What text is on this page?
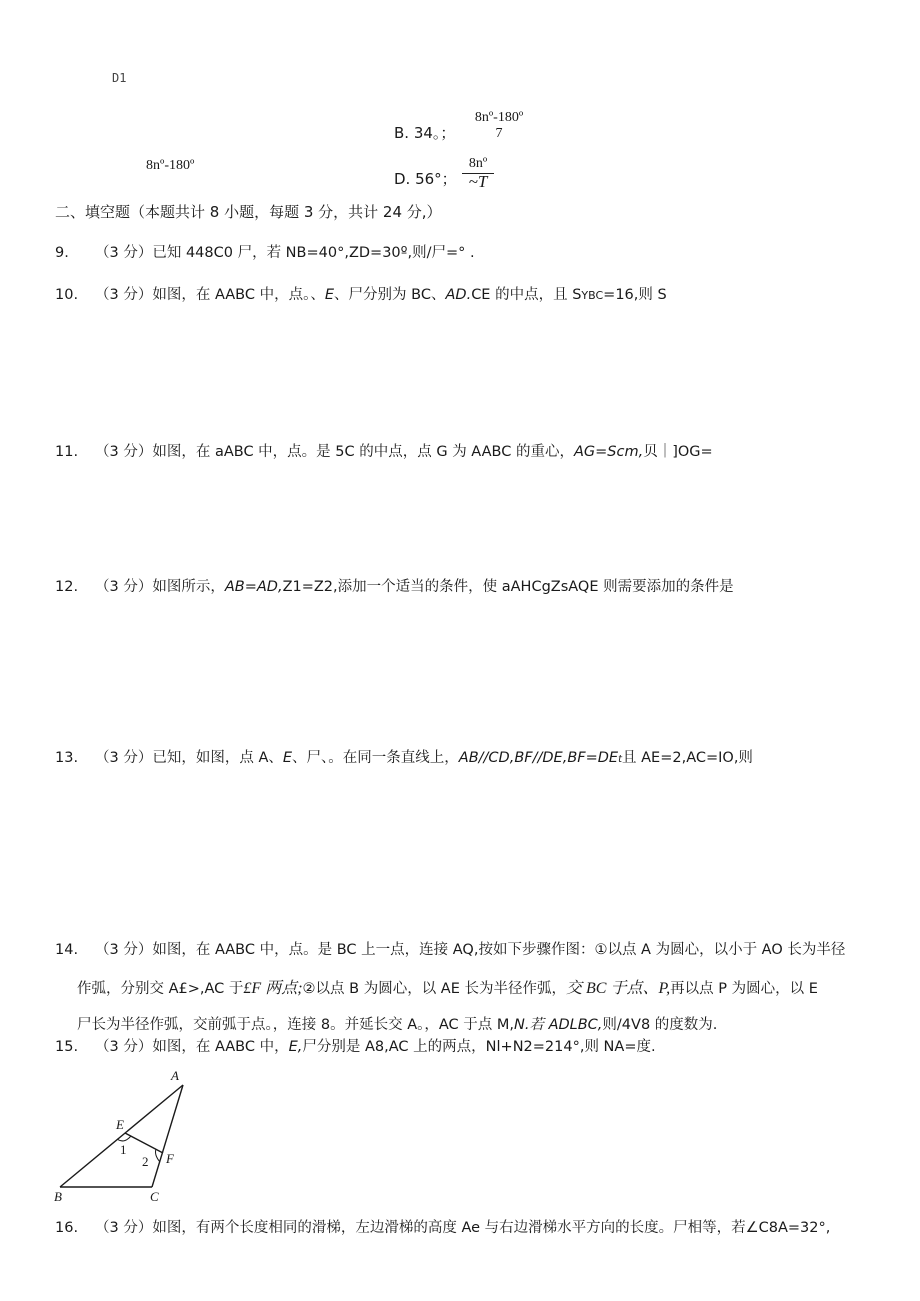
D1
8nº-180º
7
B. 34。；
8nº-180º
D. 56°；
8nº
~T
二、填空题（本题共计 8 小题，每题 3 分，共计 24 分,）
9. （3 分）已知 448C0 尸，若 NB=40°,ZD=30º,则/尸=° .
10. （3 分）如图，在 AABC 中，点。、E、尸分别为 BC、AD.CE 的中点，且 SYBC=16,则 S
11. （3 分）如图，在 aABC 中，点。是 5C 的中点，点 G 为 AABC 的重心，AG=Scm,贝｜]OG=
12. （3 分）如图所示，AB=AD,Z1=Z2,添加一个适当的条件，使 aAHCgZsAQE 则需要添加的条件是
13. （3 分）已知，如图，点 A、E、尸、。在同一条直线上，AB//CD,BF//DE,BF=DEt且 AE=2,AC=IO,则
14. （3 分）如图，在 AABC 中，点。是 BC 上一点，连接 AQ,按如下步骤作图：①以点 A 为圆心，以小于 AO 长为半径
作弧，分别交 A£>,AC 于£F 两点;②以点 B 为圆心，以 AE 长为半径作弧，交 BC 于点、P,再以点 P 为圆心，以 E
尸长为半径作弧，交前弧于点。，连接 8。并延长交 A。，AC 于点 M,N.若 ADLBC,则/4V8 的度数为.
15. （3 分）如图，在 AABC 中，E,尸分别是 A8,AC 上的两点，Nl+N2=214°,则 NA=度.
A
E
1
2 F
B	C
16. （3 分）如图，有两个长度相同的滑梯，左边滑梯的高度 Ae 与右边滑梯水平方向的长度。尸相等，若∠C8A=32°,
